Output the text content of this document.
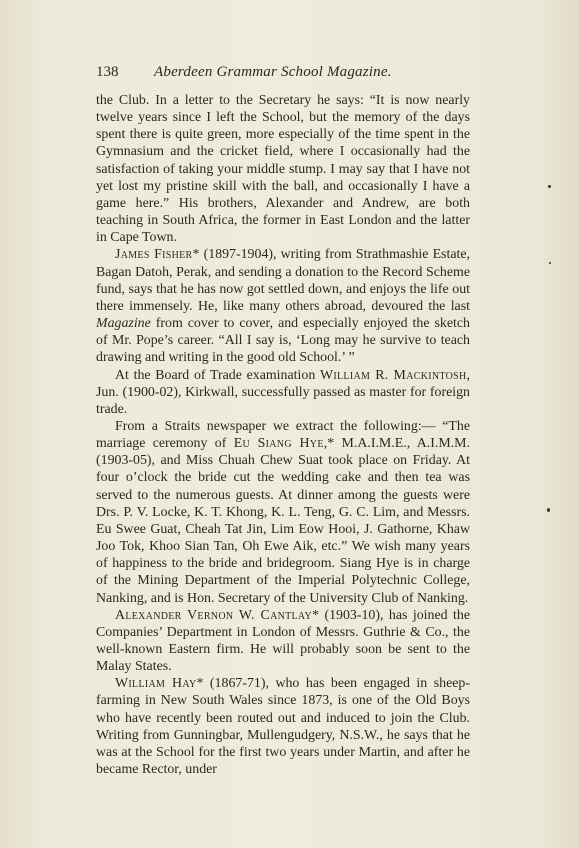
138 Aberdeen Grammar School Magazine.

the Club. In a letter to the Secretary he says: “It is now nearly twelve years since I left the School, but the memory of the days spent there is quite green, more especially of the time spent in the Gymnasium and the cricket field, where I occasionally had the satisfaction of taking your middle stump. I may say that I have not yet lost my pristine skill with the ball, and occasionally I have a game here.” His brothers, Alexander and Andrew, are both teaching in South Africa, the former in East London and the latter in Cape Town.

James Fisher* (1897-1904), writing from Strathmashie Estate, Bagan Datoh, Perak, and sending a donation to the Record Scheme fund, says that he has now got settled down, and enjoys the life out there immensely. He, like many others abroad, devoured the last Magazine from cover to cover, and especially enjoyed the sketch of Mr. Pope’s career. “All I say is, ‘Long may he survive to teach drawing and writing in the good old School.’ ”

At the Board of Trade examination William R. Mackintosh, Jun. (1900-02), Kirkwall, successfully passed as master for foreign trade.

From a Straits newspaper we extract the following:— “The marriage ceremony of Eu Siang Hye,* M.A.I.M.E., A.I.M.M. (1903-05), and Miss Chuah Chew Suat took place on Friday. At four o’clock the bride cut the wedding cake and then tea was served to the numerous guests. At dinner among the guests were Drs. P. V. Locke, K. T. Khong, K. L. Teng, G. C. Lim, and Messrs. Eu Swee Guat, Cheah Tat Jin, Lim Eow Hooi, J. Gathorne, Khaw Joo Tok, Khoo Sian Tan, Oh Ewe Aik, etc.” We wish many years of happiness to the bride and bridegroom. Siang Hye is in charge of the Mining Department of the Imperial Polytechnic College, Nanking, and is Hon. Secretary of the University Club of Nanking.

Alexander Vernon W. Cantlay* (1903-10), has joined the Companies’ Department in London of Messrs. Guthrie & Co., the well-known Eastern firm. He will probably soon be sent to the Malay States.

William Hay* (1867-71), who has been engaged in sheep-farming in New South Wales since 1873, is one of the Old Boys who have recently been routed out and induced to join the Club. Writing from Gunningbar, Mullengudgery, N.S.W., he says that he was at the School for the first two years under Martin, and after he became Rector, under
